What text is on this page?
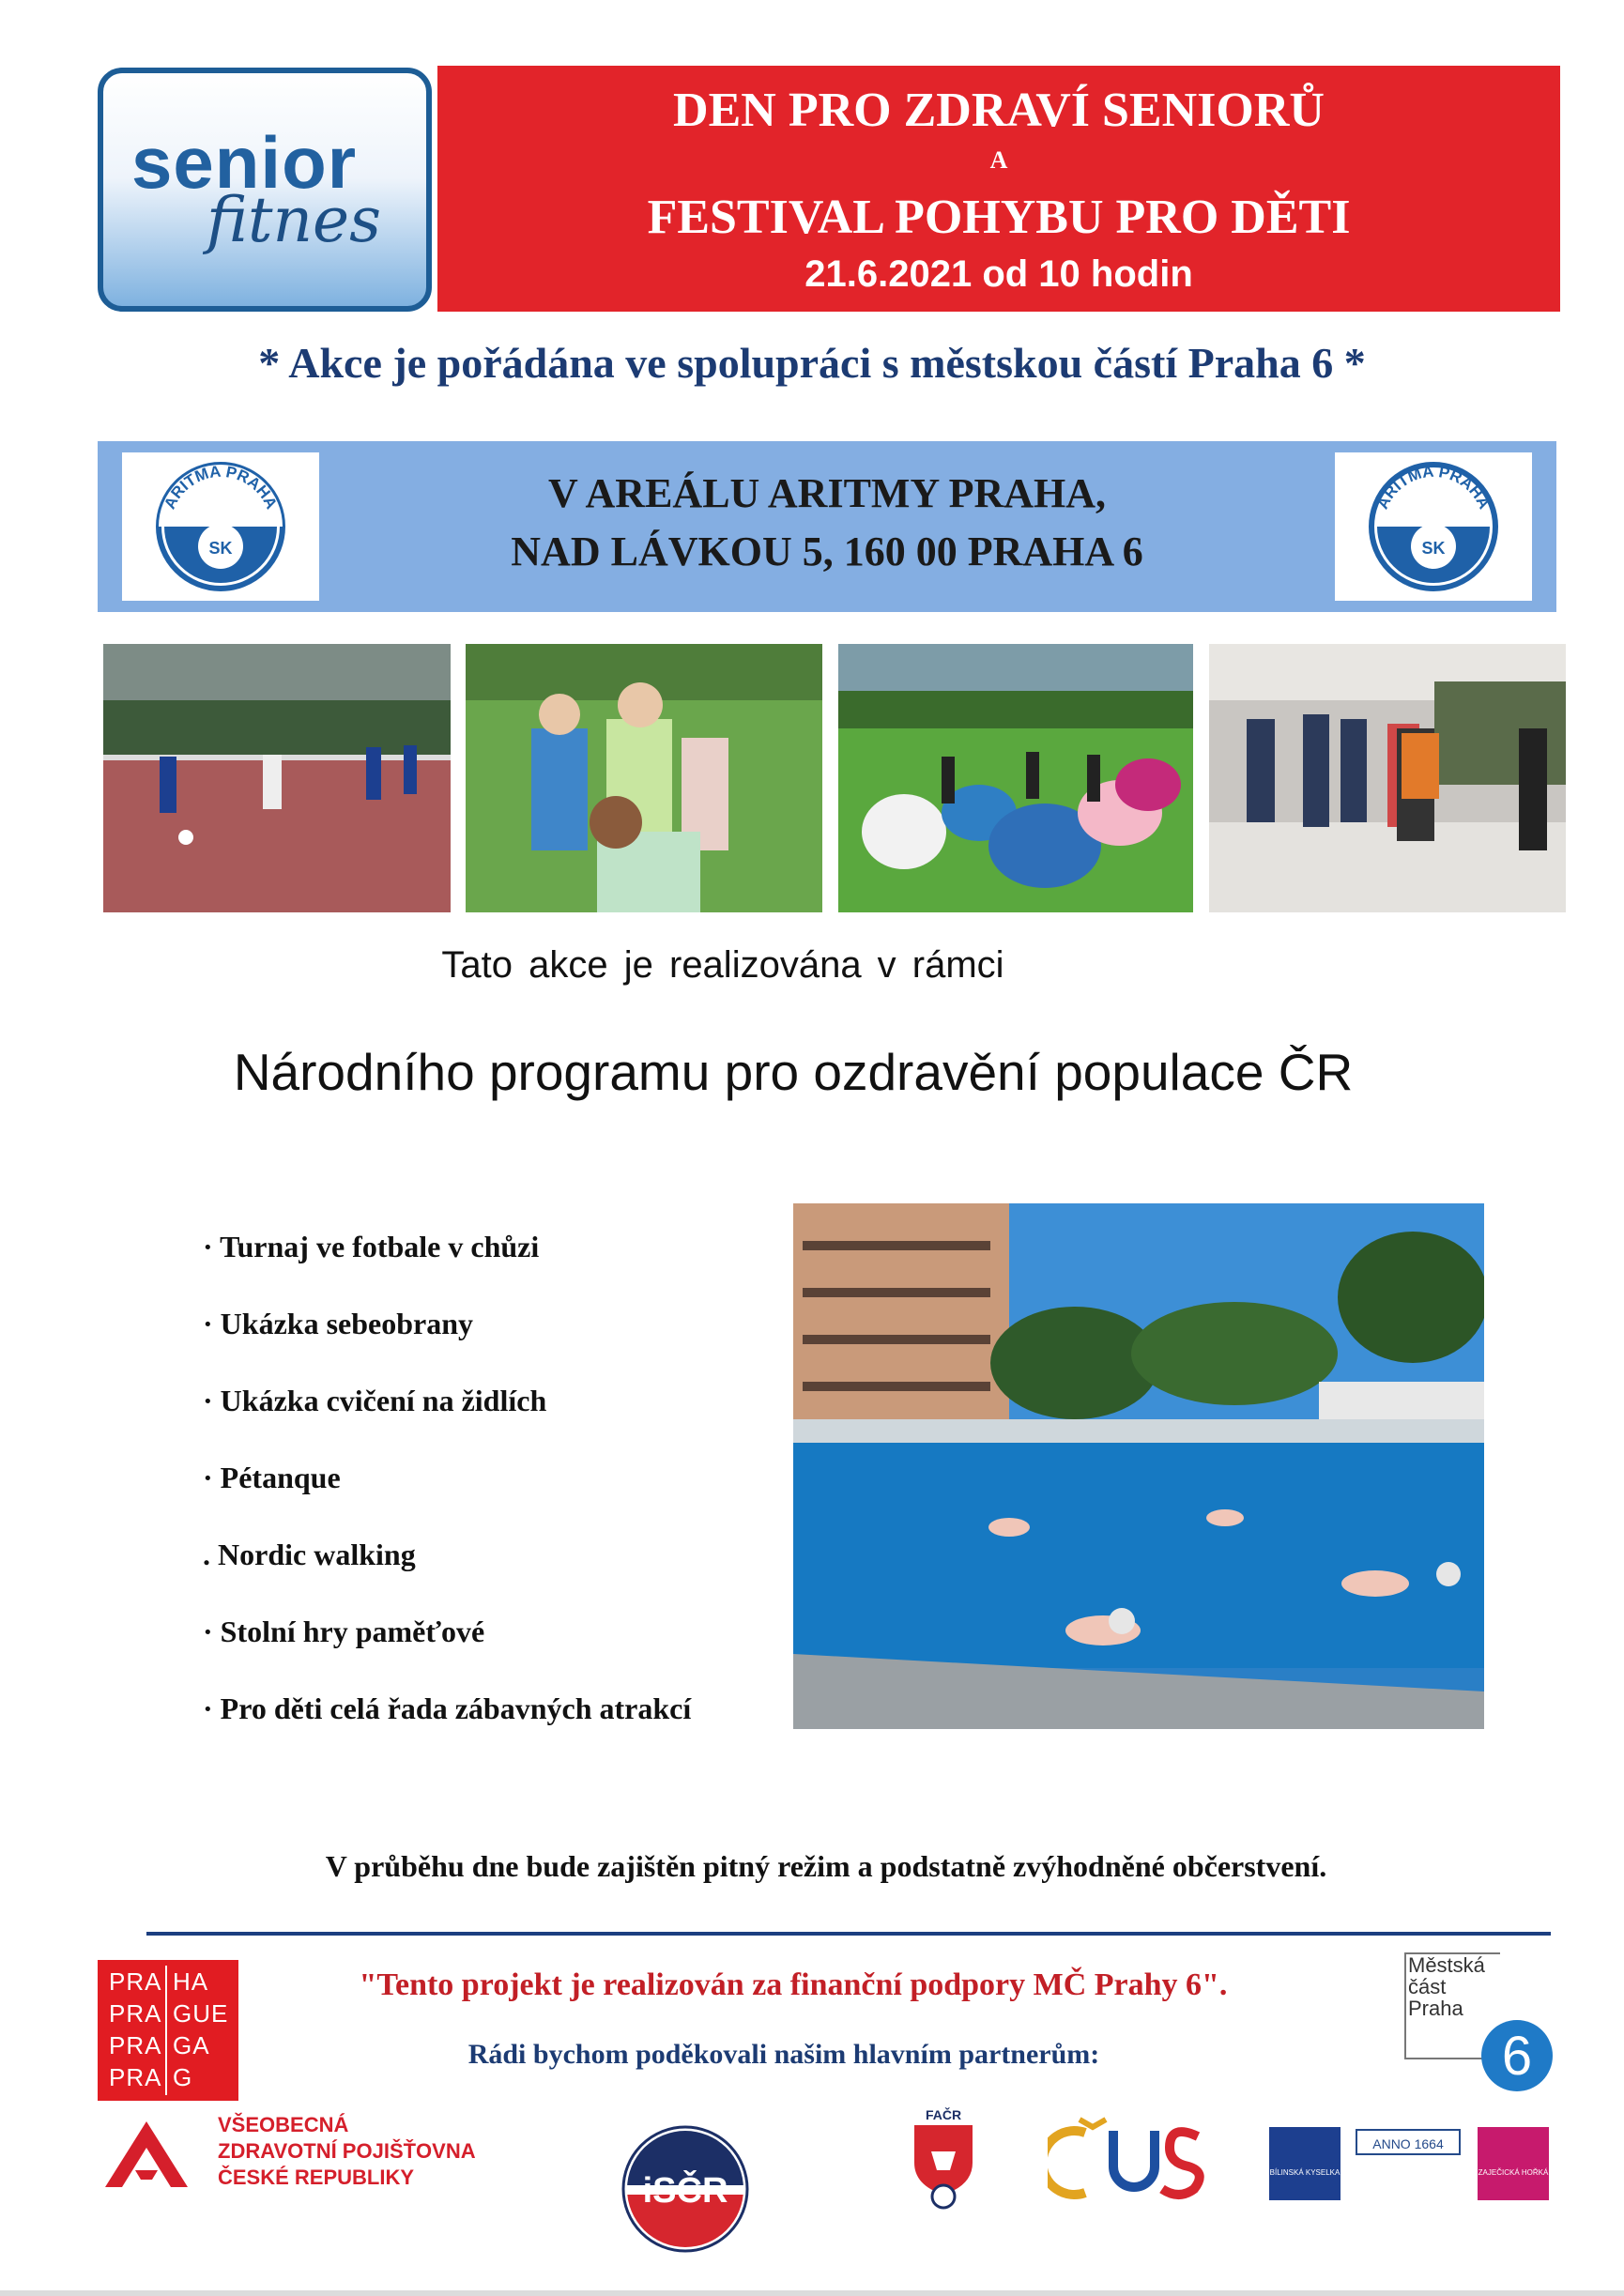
senior
fitnes
DEN PRO ZDRAVÍ SENIORŮ
A
FESTIVAL POHYBU PRO DĚTI
21.6.2021 od 10 hodin
* Akce je pořádána ve spolupráci s městskou částí Praha 6 *
ARITMA PRAHA
SK
V AREÁLU ARITMY PRAHA,
NAD LÁVKOU 5, 160 00 PRAHA 6
ARITMA PRAHA
SK
Tato akce je realizována v rámci
Národního programu pro ozdravění populace ČR
· Turnaj ve fotbale v chůzi
· Ukázka sebeobrany
· Ukázka cvičení na židlích
· Pétanque
. Nordic walking
· Stolní hry paměťové
· Pro děti celá řada zábavných atrakcí
V průběhu dne bude zajištěn pitný režim a podstatně zvýhodněné občerstvení.
PRA HA
PRA GUE
PRA GA
PRA G
"Tento projekt je realizován za finanční podpory MČ Prahy 6".
Rádi bychom poděkovali našim hlavním partnerům:
Městská
část
Praha
6
VŠEOBECNÁ
ZDRAVOTNÍ POJIŠŤOVNA
ČESKÉ REPUBLIKY	iSČR
FAČR
BÍLINSKÁ KYSELKA
ANNO 1664
ZAJEČICKÁ HOŘKÁ
